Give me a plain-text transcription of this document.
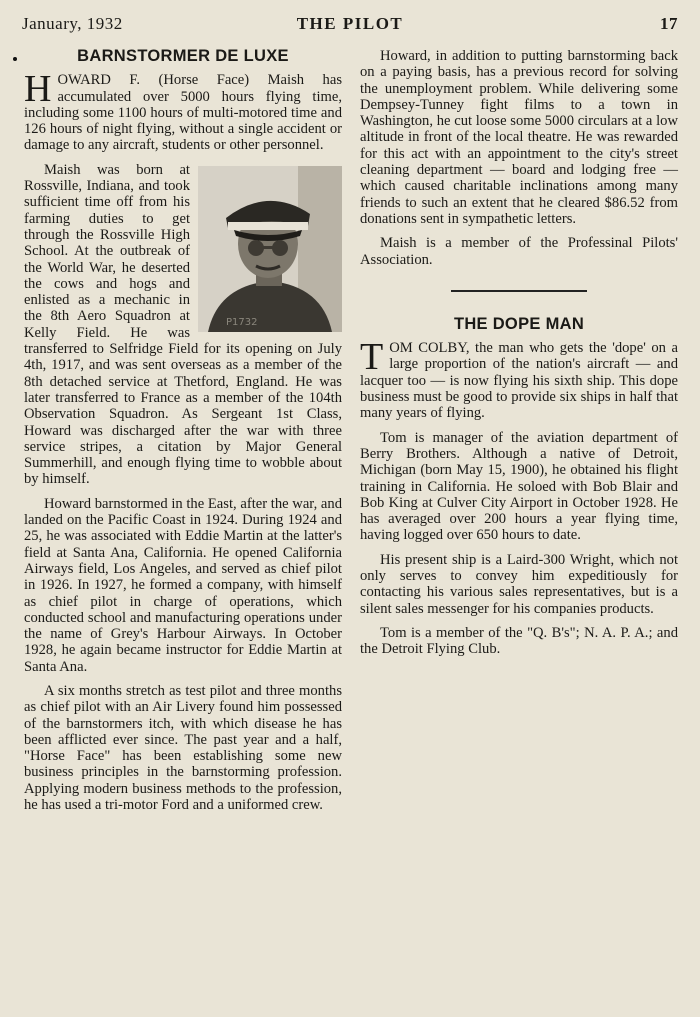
January, 1932	THE PILOT	17
BARNSTORMER DE LUXE

HOWARD F. (Horse Face) Maish has accumulated over 5000 hours flying time, including some 1100 hours of multi-motored time and 126 hours of night flying, without a single accident or damage to any aircraft, students or other personnel.

P1732

Maish was born at Rossville, Indiana, and took sufficient time off from his farming duties to get through the Rossville High School. At the outbreak of the World War, he deserted the cows and hogs and enlisted as a mechanic in the 8th Aero Squadron at Kelly Field. He was transferred to Selfridge Field for its opening on July 4th, 1917, and was sent overseas as a member of the 8th detached service at Thetford, England. He was later transferred to France as a member of the 104th Observation Squadron. As Sergeant 1st Class, Howard was discharged after the war with three service stripes, a citation by Major General Summerhill, and enough flying time to wobble about by himself.

Howard barnstormed in the East, after the war, and landed on the Pacific Coast in 1924. During 1924 and 25, he was associated with Eddie Martin at the latter's field at Santa Ana, California. He opened California Airways field, Los Angeles, and served as chief pilot in 1926. In 1927, he formed a company, with himself as chief pilot in charge of operations, which conducted school and manufacturing operations under the name of Grey's Harbour Airways. In October 1928, he again became instructor for Eddie Martin at Santa Ana.

A six months stretch as test pilot and three months as chief pilot with an Air Livery found him possessed of the barnstormers itch, with which disease he has been afflicted ever since. The past year and a half, "Horse Face" has been establishing some new business principles in the barnstorming profession. Applying modern business methods to the profession, he has used a tri-motor Ford and a uniformed crew.

Howard, in addition to putting barnstorming back on a paying basis, has a previous record for solving the unemployment problem. While delivering some Dempsey-Tunney fight films to a town in Washington, he cut loose some 5000 circulars at a low altitude in front of the local theatre. He was rewarded for this act with an appointment to the city's street cleaning department — board and lodging free — which caused charitable inclinations among many friends to such an extent that he cleared $86.52 from donations sent in sympathetic letters.

Maish is a member of the Professinal Pilots' Association.

THE DOPE MAN

TOM COLBY, the man who gets the 'dope' on a large proportion of the nation's aircraft — and lacquer too — is now flying his sixth ship. This dope business must be good to provide six ships in half that many years of flying.

Tom is manager of the aviation department of Berry Brothers. Although a native of Detroit, Michigan (born May 15, 1900), he obtained his flight training in California. He soloed with Bob Blair and Bob King at Culver City Airport in October 1928. He has averaged over 200 hours a year flying time, having logged over 650 hours to date.

His present ship is a Laird-300 Wright, which not only serves to convey him expeditiously for contacting his various sales representatives, but is a silent sales messenger for his companies products.

Tom is a member of the "Q. B's"; N. A. P. A.; and the Detroit Flying Club.
